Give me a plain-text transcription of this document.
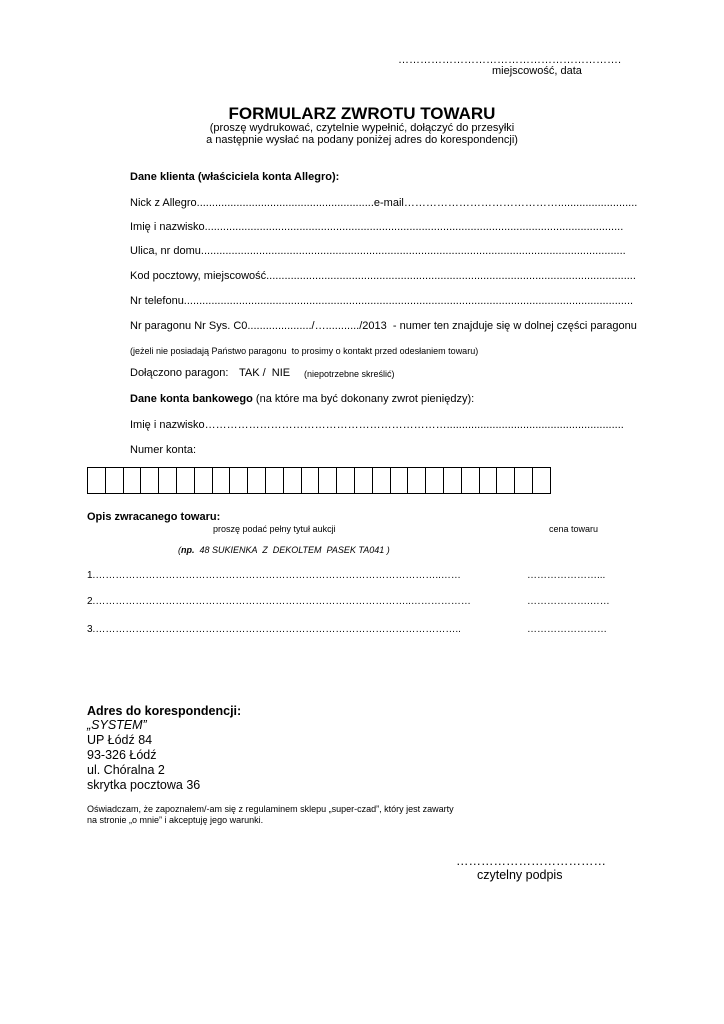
…………………………………………………….
miejscowość, data
FORMULARZ ZWROTU TOWARU
(proszę wydrukować, czytelnie wypełnić, dołączyć do przesyłki
a następnie wysłać na podany poniżej adres do korespondencji)
Dane klienta (właściciela konta Allegro):
Nick z Allegro..........................................................e-mail……………………………………..........................
Imię i nazwisko.........................................................................................................................................
Ulica, nr domu...........................................................................................................................................
Kod pocztowy, miejscowość.........................................................................................................................
Nr telefonu...................................................................................................................................................
Nr paragonu Nr Sys. C0...................../….........../2013  - numer ten znajduje się w dolnej części paragonu
(jeżeli nie posiadają Państwo paragonu  to prosimy o kontakt przed odesłaniem towaru)
Dołączono paragon: TAK /  NIE (niepotrzebne skreślić)
Dane konta bankowego (na które ma być dokonany zwrot pieniędzy):
Imię i nazwisko…………………………………………………………..........................................................
Numer konta:
Opis zwracanego towaru:
proszę podać pełny tytuł aukcji	cena towaru
(np.  48 SUKIENKA  Z  DEKOLTEM  PASEK TA041 )
1.…………………………………………………………………………………………..……	…………………...
2.…………………………………………………………………………………..………………	……………….……
3.………………………………………………………………………………………………..	……………………
Adres do korespondencji:
„SYSTEM”
UP Łódź 84
93-326 Łódź
ul. Chóralna 2
skrytka pocztowa 36
Oświadczam, że zapoznałem/-am się z regulaminem sklepu „super-czad”, który jest zawarty
na stronie „o mnie” i akceptuję jego warunki.
………………………………
czytelny podpis
